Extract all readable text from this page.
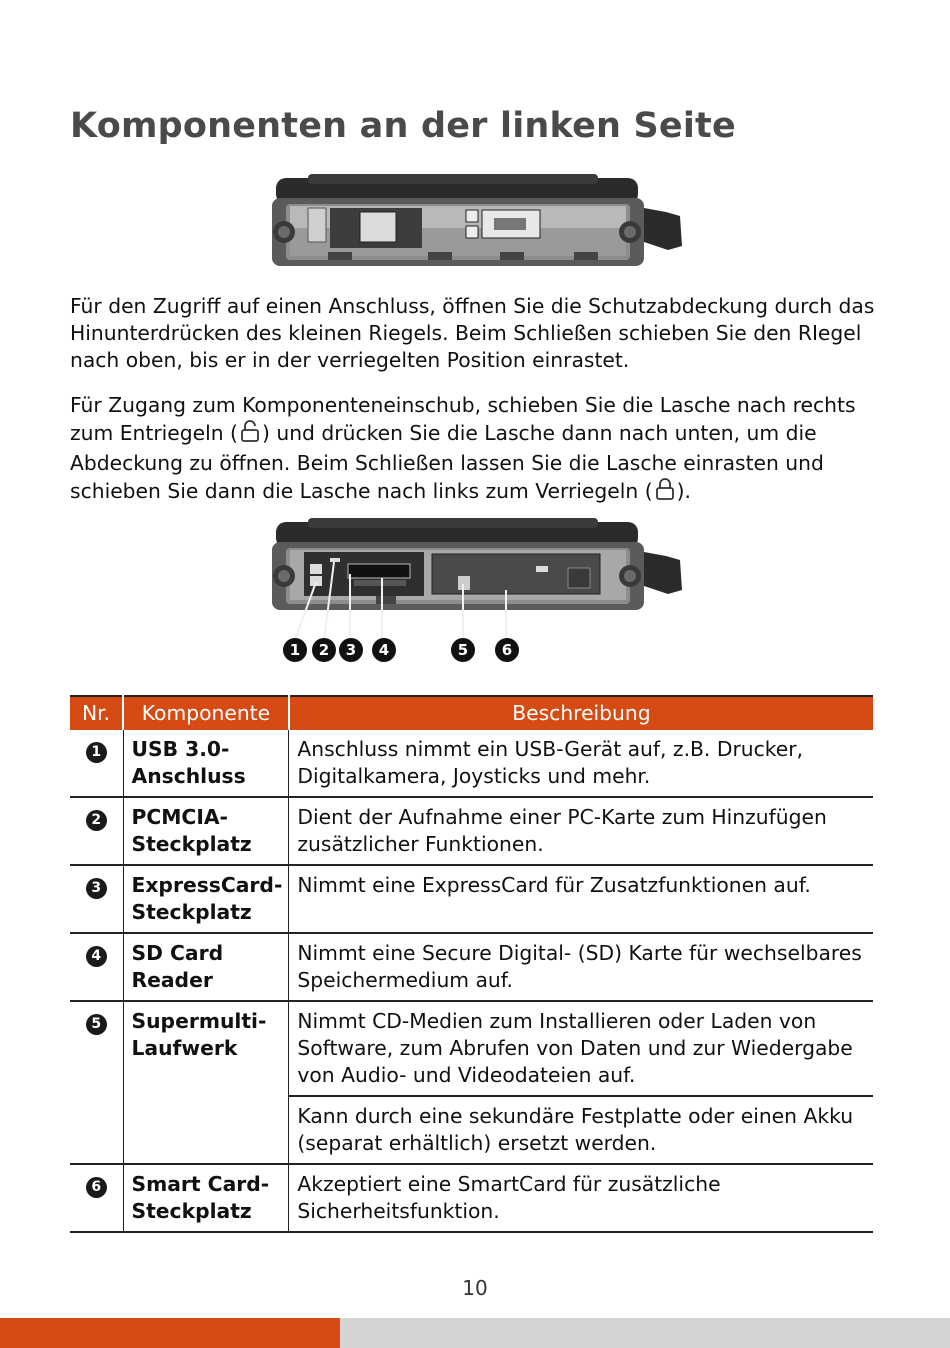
Komponenten an der linken Seite

Für den Zugriff auf einen Anschluss, öffnen Sie die Schutzabdeckung durch das Hinunterdrücken des kleinen Riegels. Beim Schließen schieben Sie den RIegel nach oben, bis er in der verriegelten Position einrastet.

Für Zugang zum Komponenteneinschub, schieben Sie die Lasche nach rechts zum Entriegeln ( ) und drücken Sie die Lasche dann nach unten, um die Abdeckung zu öffnen. Beim Schließen lassen Sie die Lasche einrasten und schieben Sie dann die Lasche nach links zum Verriegeln ( ).

1 2 3 4	5 6
Nr.	Komponente	Beschreibung
1	USB 3.0-Anschluss	Anschluss nimmt ein USB-Gerät auf, z.B. Drucker, Digitalkamera, Joysticks und mehr.
2	PCMCIA-Steckplatz	Dient der Aufnahme einer PC-Karte zum Hinzufügen zusätzlicher Funktionen.
3	ExpressCard-Steckplatz	Nimmt eine ExpressCard für Zusatzfunktionen auf.
4	SD Card Reader	Nimmt eine Secure Digital- (SD) Karte für wechselbares Speichermedium auf.
5	Supermulti-Laufwerk	Nimmt CD-Medien zum Installieren oder Laden von Software, zum Abrufen von Daten und zur Wiedergabe von Audio- und Videodateien auf.
		Kann durch eine sekundäre Festplatte oder einen Akku (separat erhältlich) ersetzt werden.
6	Smart Card-Steckplatz	Akzeptiert eine SmartCard für zusätzliche Sicherheitsfunktion.
10
